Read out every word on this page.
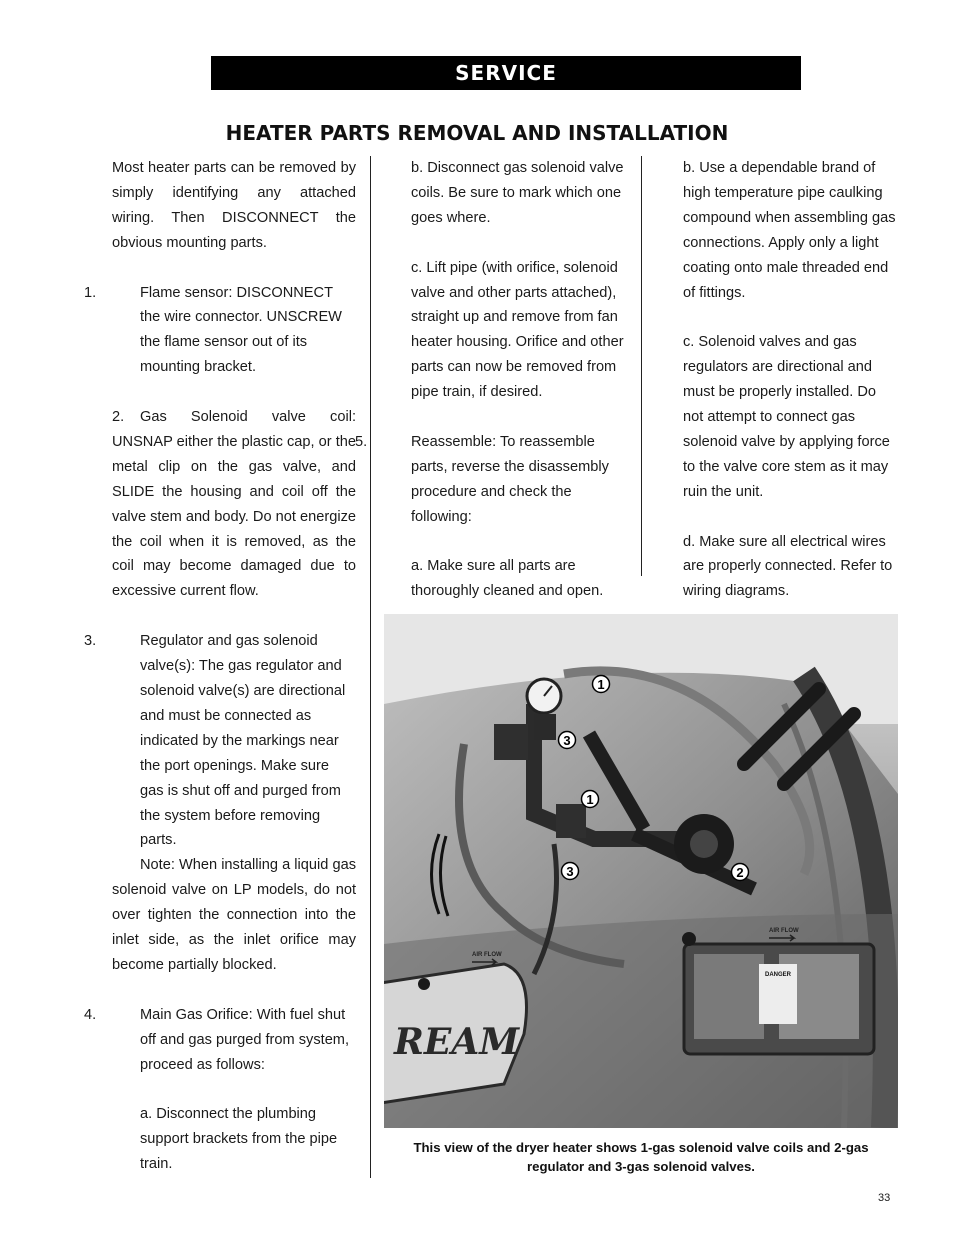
SERVICE
HEATER PARTS REMOVAL AND INSTALLATION

Most heater parts can be removed by simply identifying any attached wiring. Then DISCONNECT the obvious mounting parts.

1.	Flame sensor: DISCONNECT the wire connector. UNSCREW the flame sensor out of its mounting bracket.

2. Gas Solenoid valve coil: UNSNAP either the plastic cap, or the metal clip on the gas valve, and SLIDE the housing and coil off the valve stem and body. Do not energize the coil when it is removed, as the coil may become damaged due to excessive current flow.

3.	Regulator and gas solenoid valve(s): The gas regulator and solenoid valve(s) are directional and must be connected as indicated by the markings near the port openings. Make sure gas is shut off and purged from the system before removing parts.

Note: When installing a liquid gas solenoid valve on LP models, do not over tighten the connection into the inlet side, as the inlet orifice may become partially blocked.

4.	Main Gas Orifice: With fuel shut off and gas purged from system, proceed as follows:

a. Disconnect the plumbing support brackets from the pipe train.

b. Disconnect gas solenoid valve coils. Be sure to mark which one goes where.

c. Lift pipe (with orifice, solenoid valve and other parts attached), straight up and remove from fan heater housing. Orifice and other parts can now be removed from pipe train, if desired.

5.	Reassemble: To reassemble parts, reverse the disassembly procedure and check the following:

a. Make sure all parts are thoroughly cleaned and open.

b. Use a dependable brand of high temperature pipe caulking compound when assembling gas connections. Apply only a light coating onto male threaded end of fittings.

c. Solenoid valves and gas regulators are directional and must be properly installed. Do not attempt to connect gas solenoid valve by applying force to the valve core stem as it may ruin the unit.

d. Make sure all electrical wires are properly connected. Refer to wiring diagrams.

REAM
DANGER
AIR FLOW
AIR FLOW
1
3
1
3	2
This view of the dryer heater shows 1-gas solenoid valve coils and 2-gas regulator and 3-gas solenoid valves.
33
